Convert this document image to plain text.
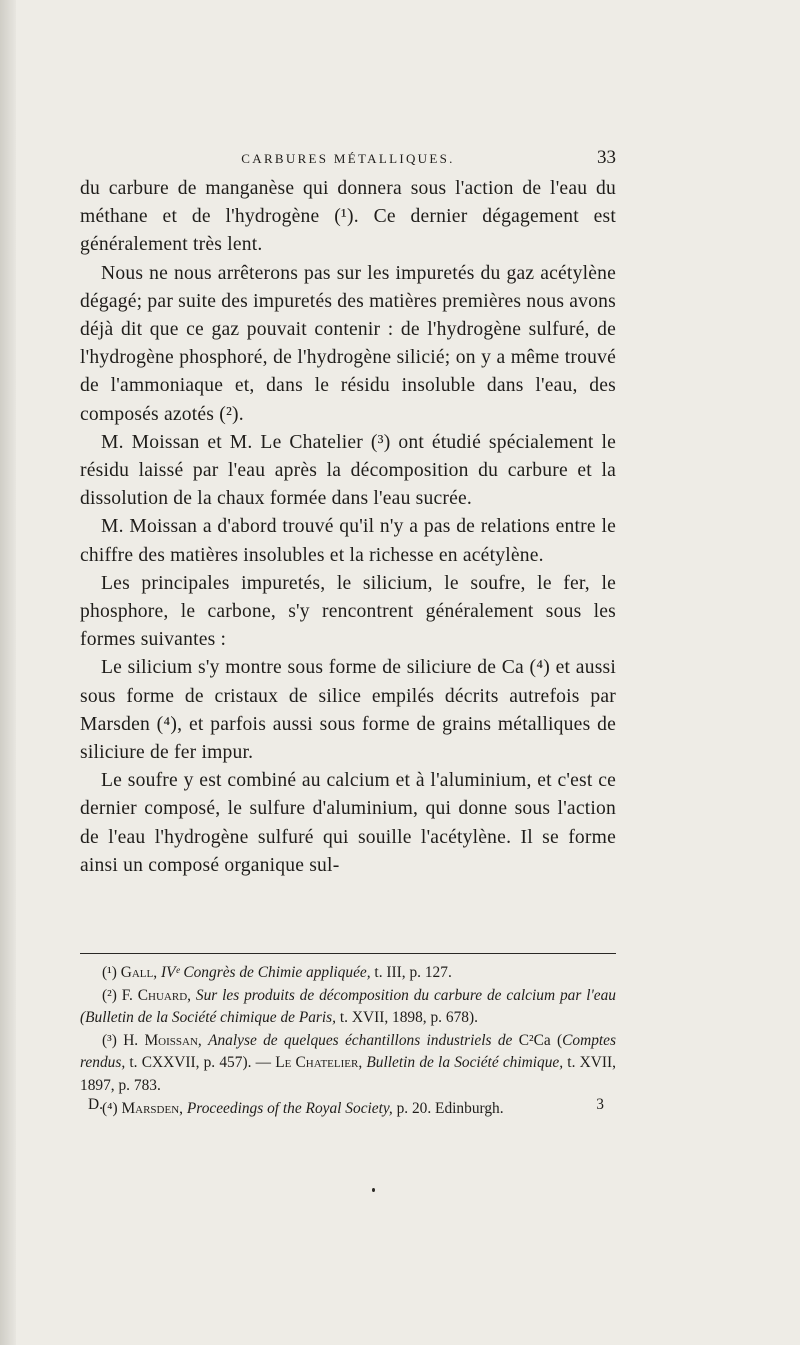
CARBURES MÉTALLIQUES.	33

du carbure de manganèse qui donnera sous l'action de l'eau du méthane et de l'hydrogène (¹). Ce dernier dégagement est généralement très lent.

Nous ne nous arrêterons pas sur les impuretés du gaz acétylène dégagé; par suite des impuretés des matières premières nous avons déjà dit que ce gaz pouvait contenir : de l'hydrogène sulfuré, de l'hydrogène phosphoré, de l'hydrogène silicié; on y a même trouvé de l'ammoniaque et, dans le résidu insoluble dans l'eau, des composés azotés (²).

M. Moissan et M. Le Chatelier (³) ont étudié spécialement le résidu laissé par l'eau après la décomposition du carbure et la dissolution de la chaux formée dans l'eau sucrée.

M. Moissan a d'abord trouvé qu'il n'y a pas de relations entre le chiffre des matières insolubles et la richesse en acétylène.

Les principales impuretés, le silicium, le soufre, le fer, le phosphore, le carbone, s'y rencontrent généralement sous les formes suivantes :

Le silicium s'y montre sous forme de siliciure de Ca (⁴) et aussi sous forme de cristaux de silice empilés décrits autrefois par Marsden (⁴), et parfois aussi sous forme de grains métalliques de siliciure de fer impur.

Le soufre y est combiné au calcium et à l'aluminium, et c'est ce dernier composé, le sulfure d'aluminium, qui donne sous l'action de l'eau l'hydrogène sulfuré qui souille l'acétylène. Il se forme ainsi un composé organique sul-

(¹) Gall, IVᵉ Congrès de Chimie appliquée, t. III, p. 127.

(²) F. Chuard, Sur les produits de décomposition du carbure de calcium par l'eau (Bulletin de la Société chimique de Paris, t. XVII, 1898, p. 678).

(³) H. Moissan, Analyse de quelques échantillons industriels de C²Ca (Comptes rendus, t. CXXVII, p. 457). — Le Chatelier, Bulletin de la Société chimique, t. XVII, 1897, p. 783.

(⁴) Marsden, Proceedings of the Royal Society, p. 20. Edinburgh.

D.	3
